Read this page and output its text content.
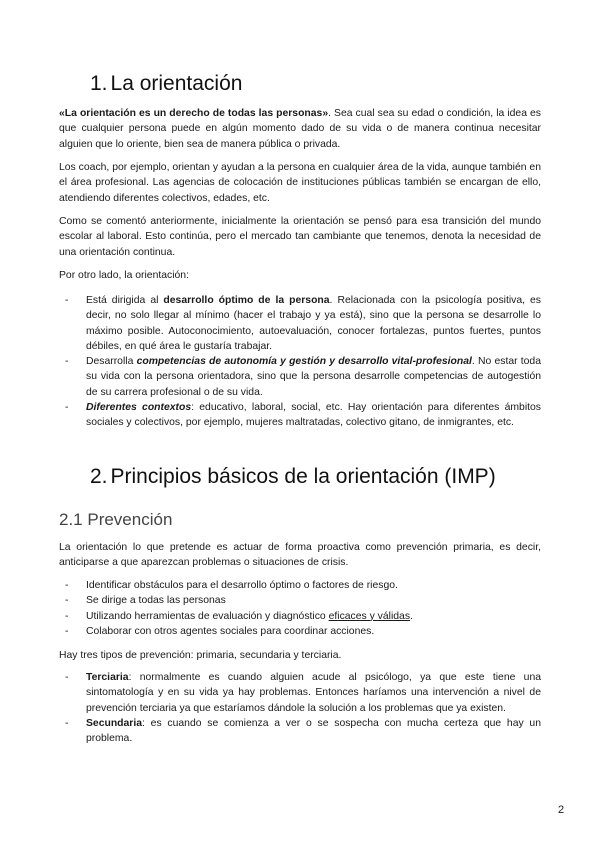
1. La orientación

«La orientación es un derecho de todas las personas». Sea cual sea su edad o condición, la idea es que cualquier persona puede en algún momento dado de su vida o de manera continua necesitar alguien que lo oriente, bien sea de manera pública o privada.

Los coach, por ejemplo, orientan y ayudan a la persona en cualquier área de la vida, aunque también en el área profesional. Las agencias de colocación de instituciones públicas también se encargan de ello, atendiendo diferentes colectivos, edades, etc.

Como se comentó anteriormente, inicialmente la orientación se pensó para esa transición del mundo escolar al laboral. Esto continúa, pero el mercado tan cambiante que tenemos, denota la necesidad de una orientación continua.

Por otro lado, la orientación:

- Está dirigida al desarrollo óptimo de la persona. Relacionada con la psicología positiva, es decir, no solo llegar al mínimo (hacer el trabajo y ya está), sino que la persona se desarrolle lo máximo posible. Autoconocimiento, autoevaluación, conocer fortalezas, puntos fuertes, puntos débiles, en qué área le gustaría trabajar.
- Desarrolla competencias de autonomía y gestión y desarrollo vital-profesional. No estar toda su vida con la persona orientadora, sino que la persona desarrolle competencias de autogestión de su carrera profesional o de su vida.
- Diferentes contextos: educativo, laboral, social, etc. Hay orientación para diferentes ámbitos sociales y colectivos, por ejemplo, mujeres maltratadas, colectivo gitano, de inmigrantes, etc.
2. Principios básicos de la orientación (IMP)
2.1 Prevención

La orientación lo que pretende es actuar de forma proactiva como prevención primaria, es decir, anticiparse a que aparezcan problemas o situaciones de crisis.

- Identificar obstáculos para el desarrollo óptimo o factores de riesgo.
- Se dirige a todas las personas
- Utilizando herramientas de evaluación y diagnóstico eficaces y válidas.
- Colaborar con otros agentes sociales para coordinar acciones.

Hay tres tipos de prevención: primaria, secundaria y terciaria.

- Terciaria: normalmente es cuando alguien acude al psicólogo, ya que este tiene una sintomatología y en su vida ya hay problemas. Entonces haríamos una intervención a nivel de prevención terciaria ya que estaríamos dándole la solución a los problemas que ya existen.
- Secundaria: es cuando se comienza a ver o se sospecha con mucha certeza que hay un problema.
2
